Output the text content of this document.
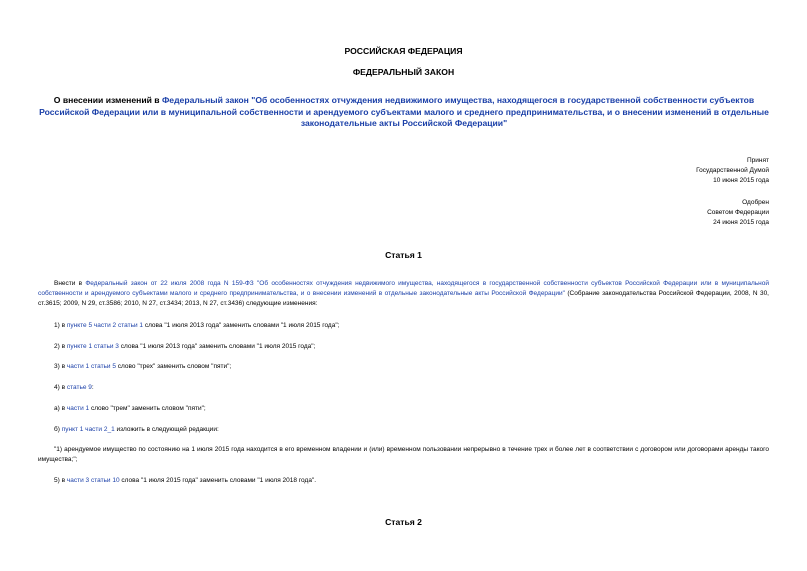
РОССИЙСКАЯ ФЕДЕРАЦИЯ
ФЕДЕРАЛЬНЫЙ ЗАКОН
О внесении изменений в Федеральный закон "Об особенностях отчуждения недвижимого имущества, находящегося в государственной собственности субъектов Российской Федерации или в муниципальной собственности и арендуемого субъектами малого и среднего предпринимательства, и о внесении изменений в отдельные законодательные акты Российской Федерации"
Принят
Государственной Думой
10 июня 2015 года
Одобрен
Советом Федерации
24 июня 2015 года
Статья 1
Внести в Федеральный закон от 22 июля 2008 года N 159-ФЗ "Об особенностях отчуждения недвижимого имущества, находящегося в государственной собственности субъектов Российской Федерации или в муниципальной собственности и арендуемого субъектами малого и среднего предпринимательства, и о внесении изменений в отдельные законодательные акты Российской Федерации" (Собрание законодательства Российской Федерации, 2008, N 30, ст.3615; 2009, N 29, ст.3586; 2010, N 27, ст.3434; 2013, N 27, ст.3436) следующие изменения:
1) в пункте 5 части 2 статьи 1 слова "1 июля 2013 года" заменить словами "1 июля 2015 года";
2) в пункте 1 статьи 3 слова "1 июля 2013 года" заменить словами "1 июля 2015 года";
3) в части 1 статьи 5 слово "трех" заменить словом "пяти";
4) в статье 9:
а) в части 1 слово "трем" заменить словом "пяти";
б) пункт 1 части 2_1 изложить в следующей редакции:
"1) арендуемое имущество по состоянию на 1 июля 2015 года находится в его временном владении и (или) временном пользовании непрерывно в течение трех и более лет в соответствии с договором или договорами аренды такого имущества;";
5) в части 3 статьи 10 слова "1 июля 2015 года" заменить словами "1 июля 2018 года".
Статья 2
